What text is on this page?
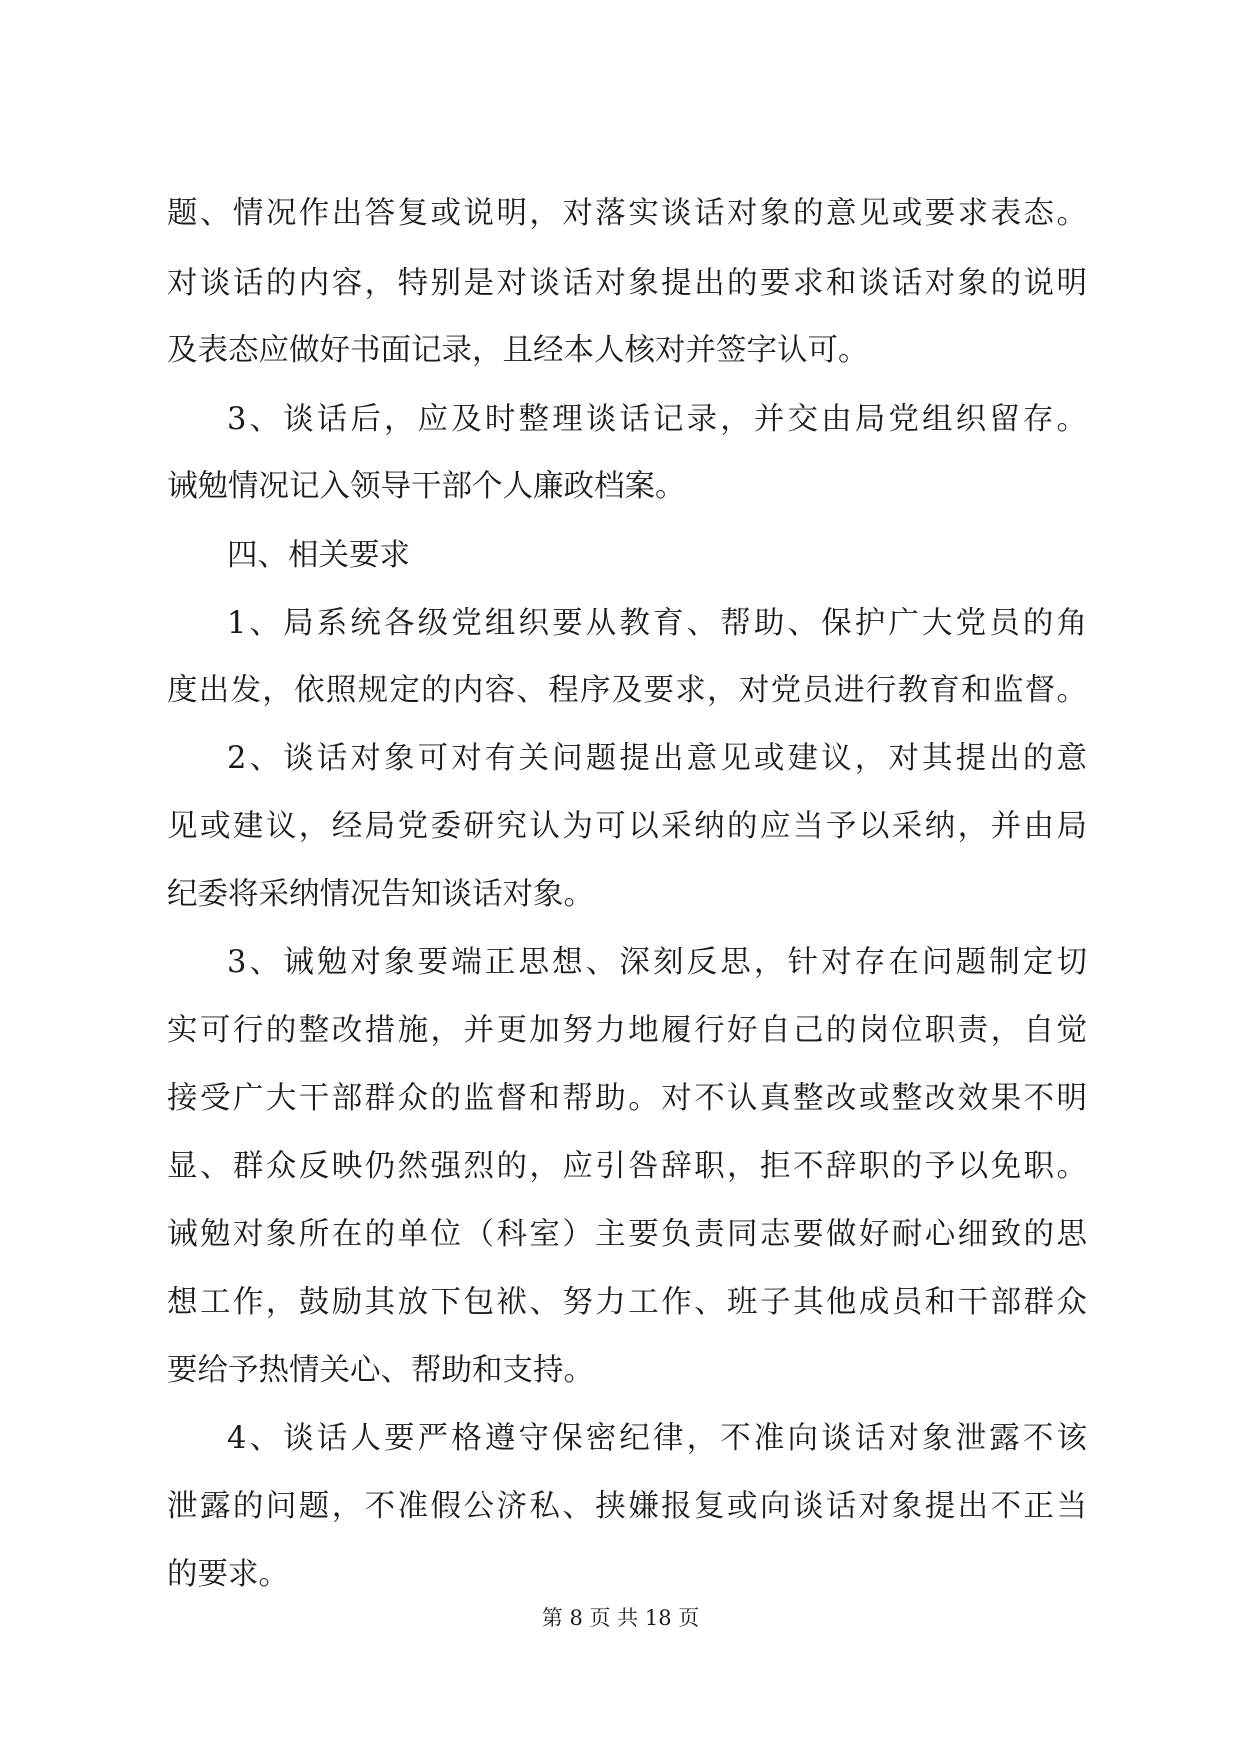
题、情况作出答复或说明，对落实谈话对象的意见或要求表态。
对谈话的内容，特别是对谈话对象提出的要求和谈话对象的说明
及表态应做好书面记录，且经本人核对并签字认可。
3、谈话后，应及时整理谈话记录，并交由局党组织留存。
诫勉情况记入领导干部个人廉政档案。
四、相关要求
1、局系统各级党组织要从教育、帮助、保护广大党员的角
度出发，依照规定的内容、程序及要求，对党员进行教育和监督。
2、谈话对象可对有关问题提出意见或建议，对其提出的意
见或建议，经局党委研究认为可以采纳的应当予以采纳，并由局
纪委将采纳情况告知谈话对象。
3、诫勉对象要端正思想、深刻反思，针对存在问题制定切
实可行的整改措施，并更加努力地履行好自己的岗位职责，自觉
接受广大干部群众的监督和帮助。对不认真整改或整改效果不明
显、群众反映仍然强烈的，应引咎辞职，拒不辞职的予以免职。
诫勉对象所在的单位（科室）主要负责同志要做好耐心细致的思
想工作，鼓励其放下包袱、努力工作、班子其他成员和干部群众
要给予热情关心、帮助和支持。
4、谈话人要严格遵守保密纪律，不准向谈话对象泄露不该
泄露的问题，不准假公济私、挟嫌报复或向谈话对象提出不正当
的要求。
第 8 页 共 18 页
